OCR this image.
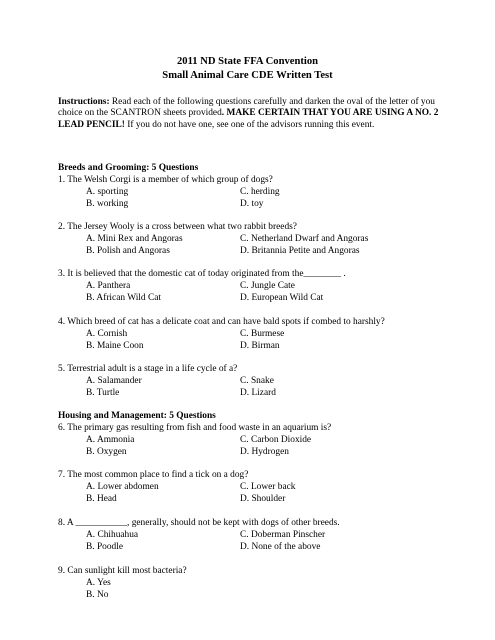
2011 ND State FFA Convention
Small Animal Care CDE Written Test
Instructions: Read each of the following questions carefully and darken the oval of the letter of you choice on the SCANTRON sheets provided. MAKE CERTAIN THAT YOU ARE USING A NO. 2 LEAD PENCIL! If you do not have one, see one of the advisors running this event.
Breeds and Grooming: 5 Questions
1. The Welsh Corgi is a member of which group of dogs?
A. sporting	C. herding
B. working	D. toy
2. The Jersey Wooly is a cross between what two rabbit breeds?
A. Mini Rex and Angoras	C. Netherland Dwarf and Angoras
B. Polish and Angoras	D. Britannia Petite and Angoras
3. It is believed that the domestic cat of today originated from the________ .
A. Panthera	C. Jungle Cate
B. African Wild Cat	D. European Wild Cat
4. Which breed of cat has a delicate coat and can have bald spots if combed to harshly?
A. Cornish	C. Burmese
B. Maine Coon	D. Birman
5. Terrestrial adult is a stage in a life cycle of a?
A. Salamander	C. Snake
B. Turtle	D. Lizard
Housing and Management: 5 Questions
6. The primary gas resulting from fish and food waste in an aquarium is?
A. Ammonia	C. Carbon Dioxide
B. Oxygen	D. Hydrogen
7. The most common place to find a tick on a dog?
A. Lower abdomen	C. Lower back
B. Head	D. Shoulder
8. A ___________, generally, should not be kept with dogs of other breeds.
A. Chihuahua	C. Doberman Pinscher
B. Poodle	D. None of the above
9. Can sunlight kill most bacteria?
A. Yes
B. No
